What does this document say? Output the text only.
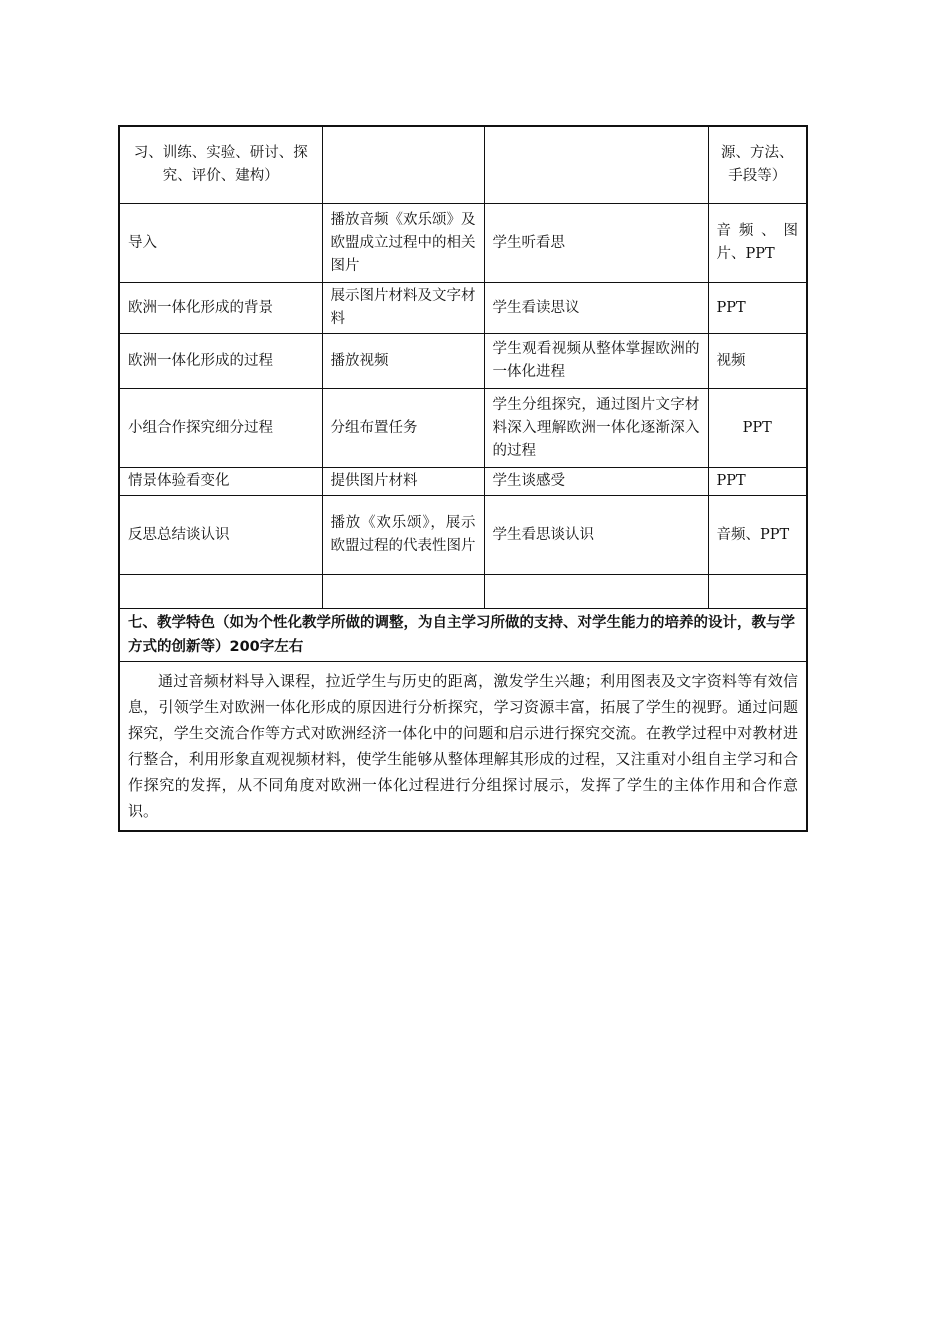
习、训练、实验、研讨、探究、评价、建构）			源、方法、手段等）
导入	播放音频《欢乐颂》及欧盟成立过程中的相关图片	学生听看思	音频、图片、PPT
欧洲一体化形成的背景	展示图片材料及文字材料	学生看读思议	PPT
欧洲一体化形成的过程	播放视频	学生观看视频从整体掌握欧洲的一体化进程	视频
小组合作探究细分过程	分组布置任务	学生分组探究，通过图片文字材料深入理解欧洲一体化逐渐深入的过程	PPT
情景体验看变化	提供图片材料	学生谈感受	PPT
反思总结谈认识	播放《欢乐颂》，展示欧盟过程的代表性图片	学生看思谈认识	音频、PPT

七、教学特色（如为个性化教学所做的调整，为自主学习所做的支持、对学生能力的培养的设计，教与学方式的创新等）200字左右			
通过音频材料导入课程，拉近学生与历史的距离，激发学生兴趣；利用图表及文字资料等有效信息，引领学生对欧洲一体化形成的原因进行分析探究，学习资源丰富，拓展了学生的视野。通过问题探究，学生交流合作等方式对欧洲经济一体化中的问题和启示进行探究交流。在教学过程中对教材进行整合，利用形象直观视频材料，使学生能够从整体理解其形成的过程，又注重对小组自主学习和合作探究的发挥，从不同角度对欧洲一体化过程进行分组探讨展示，发挥了学生的主体作用和合作意识。			
